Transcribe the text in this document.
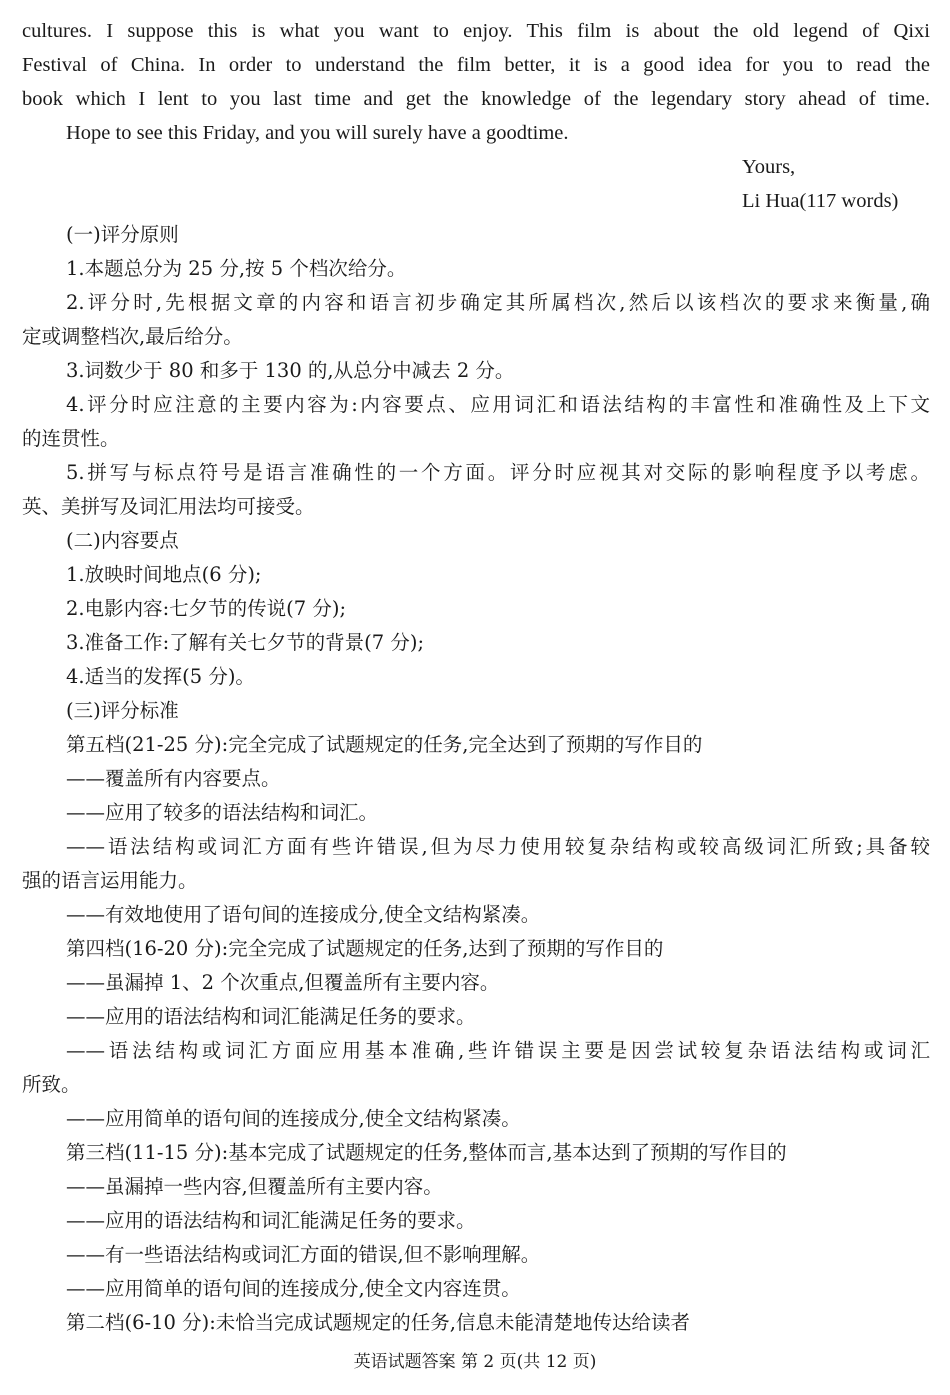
cultures. I suppose this is what you want to enjoy. This film is about the old legend of Qixi
Festival of China. In order to understand the film better, it is a good idea for you to read the
book which I lent to you last time and get the knowledge of the legendary story ahead of time.
Hope to see this Friday, and you will surely have a goodtime.
Yours,
Li Hua(117 words)
(一)评分原则
1.本题总分为 25 分,按 5 个档次给分。
2.评分时,先根据文章的内容和语言初步确定其所属档次,然后以该档次的要求来衡量,确
定或调整档次,最后给分。
3.词数少于 80 和多于 130 的,从总分中减去 2 分。
4.评分时应注意的主要内容为:内容要点、应用词汇和语法结构的丰富性和准确性及上下文
的连贯性。
5.拼写与标点符号是语言准确性的一个方面。评分时应视其对交际的影响程度予以考虑。
英、美拼写及词汇用法均可接受。
(二)内容要点
1.放映时间地点(6 分);
2.电影内容:七夕节的传说(7 分);
3.准备工作:了解有关七夕节的背景(7 分);
4.适当的发挥(5 分)。
(三)评分标准
第五档(21-25 分):完全完成了试题规定的任务,完全达到了预期的写作目的
——覆盖所有内容要点。
——应用了较多的语法结构和词汇。
——语法结构或词汇方面有些许错误,但为尽力使用较复杂结构或较高级词汇所致;具备较
强的语言运用能力。
——有效地使用了语句间的连接成分,使全文结构紧凑。
第四档(16-20 分):完全完成了试题规定的任务,达到了预期的写作目的
——虽漏掉 1、2 个次重点,但覆盖所有主要内容。
——应用的语法结构和词汇能满足任务的要求。
——语法结构或词汇方面应用基本准确,些许错误主要是因尝试较复杂语法结构或词汇
所致。
——应用简单的语句间的连接成分,使全文结构紧凑。
第三档(11-15 分):基本完成了试题规定的任务,整体而言,基本达到了预期的写作目的
——虽漏掉一些内容,但覆盖所有主要内容。
——应用的语法结构和词汇能满足任务的要求。
——有一些语法结构或词汇方面的错误,但不影响理解。
——应用简单的语句间的连接成分,使全文内容连贯。
第二档(6-10 分):未恰当完成试题规定的任务,信息未能清楚地传达给读者
英语试题答案 第 2 页(共 12 页)
